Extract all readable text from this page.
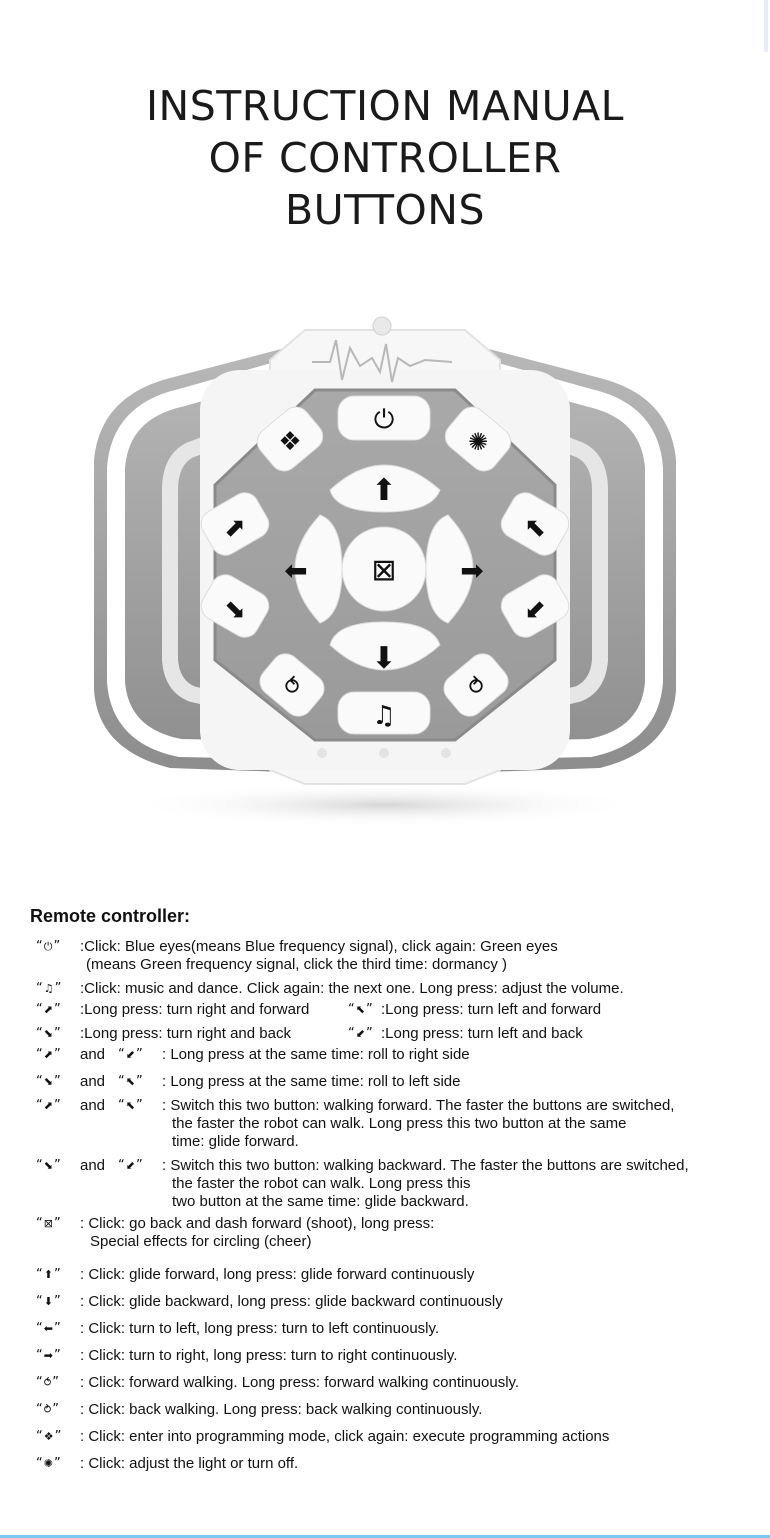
INSTRUCTION MANUAL
OF CONTROLLER
BUTTONS
⊠
⏻
♫
⬆
⬇
⬅	➡
❖	✺
⬈	⬉
⬊	⬋
⥀	⥁
Remote controller:
“⏻” :Click: Blue eyes(means Blue frequency signal), click again: Green eyes
(means Green frequency signal, click the third time: dormancy )
“♫” :Click: music and dance. Click again: the next one. Long press: adjust the volume.
“⬈” :Long press: turn right and forward	“⬉” :Long press: turn left and forward
“⬊” :Long press: turn right and back	“⬋” :Long press: turn left and back
“⬈” and “⬋” : Long press at the same time: roll to right side
“⬊” and “⬉” : Long press at the same time: roll to left side
“⬈” and “⬉” : Switch this two button: walking forward. The faster the buttons are switched,
the faster the robot can walk. Long press this two button at the same
time: glide forward.
“⬊” and “⬋” : Switch this two button: walking backward. The faster the buttons are switched,
the faster the robot can walk. Long press this
two button at the same time: glide backward.
“⊠” : Click: go back and dash forward (shoot), long press:
Special effects for circling (cheer)
“⬆” : Click: glide forward, long press: glide forward continuously
“⬇” : Click: glide backward, long press: glide backward continuously
“⬅” : Click: turn to left, long press: turn to left continuously.
“➡” : Click: turn to right, long press: turn to right continuously.
“⥀” : Click: forward walking. Long press: forward walking continuously.
“⥁” : Click: back walking. Long press: back walking continuously.
“❖” : Click: enter into programming mode, click again: execute programming actions
“✺” : Click: adjust the light or turn off.
